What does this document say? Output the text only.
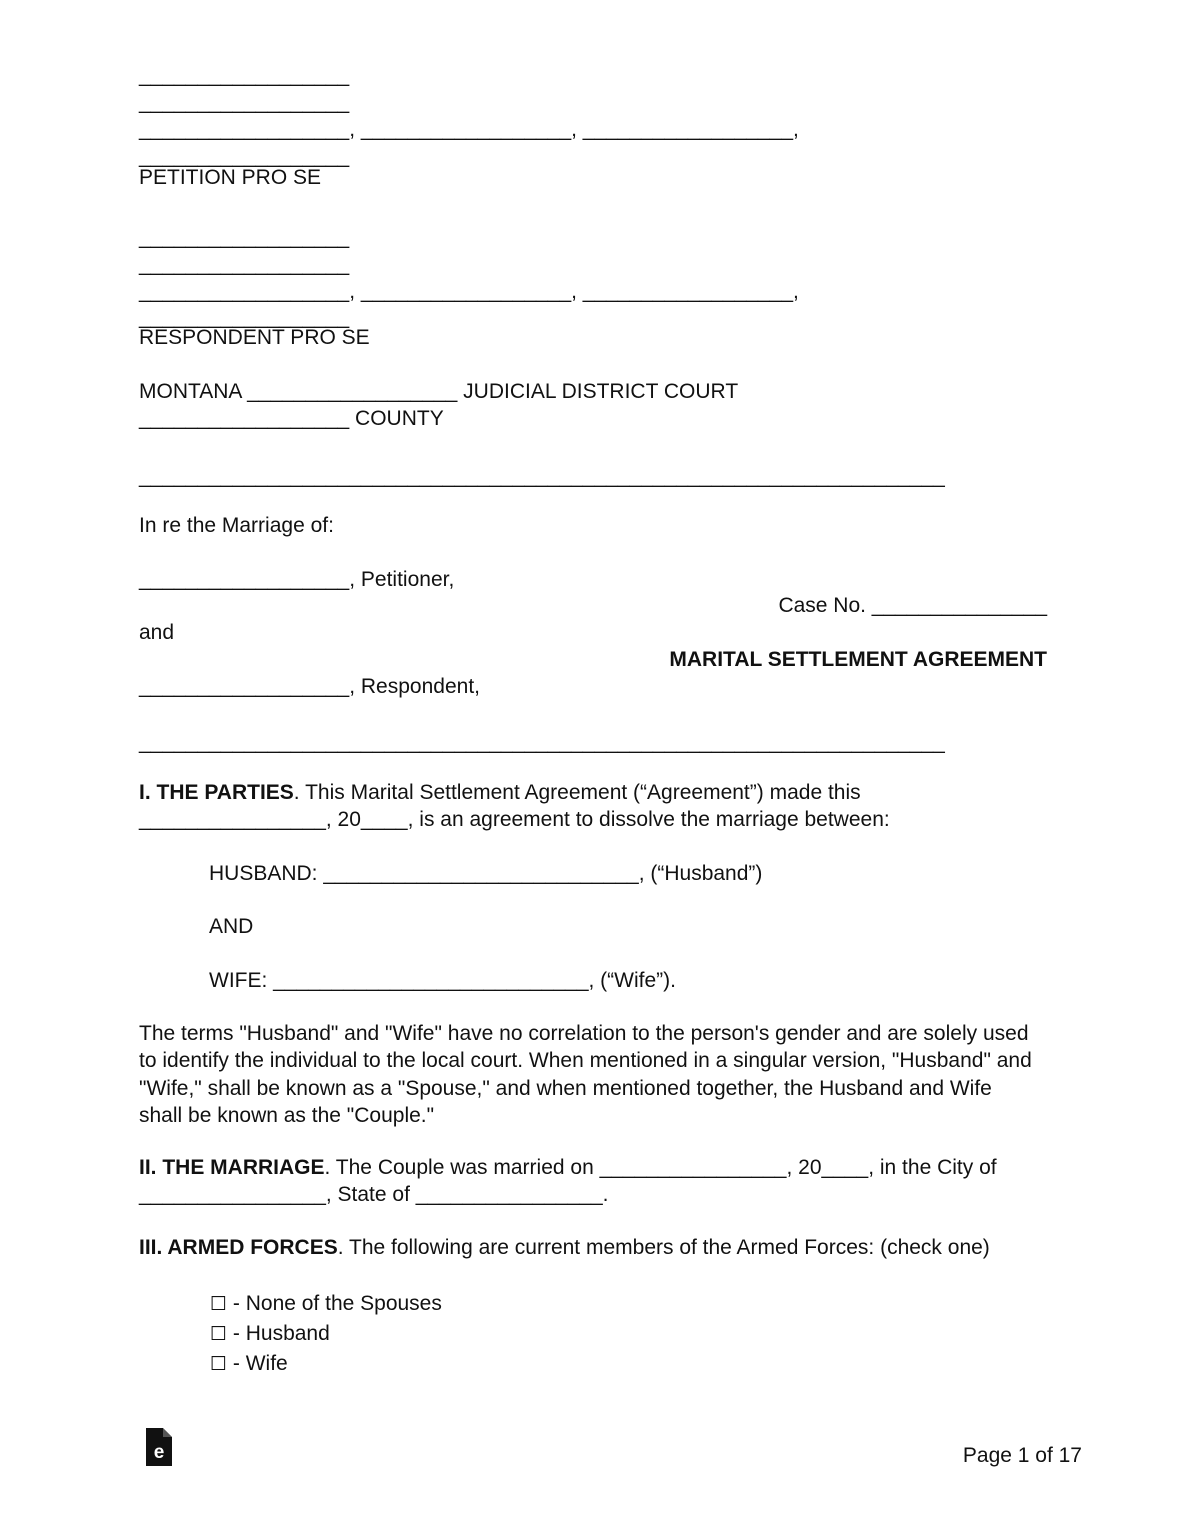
__________________
__________________
__________________, __________________, __________________,
__________________
PETITION PRO SE
__________________
__________________
__________________, __________________, __________________,
__________________
RESPONDENT PRO SE
MONTANA __________________ JUDICIAL DISTRICT COURT
__________________ COUNTY
_____________________________________________________________________
In re the Marriage of:
__________________, Petitioner,
Case No. _______________
and
MARITAL SETTLEMENT AGREEMENT
__________________, Respondent,
_____________________________________________________________________
I. THE PARTIES. This Marital Settlement Agreement (“Agreement”) made this
________________, 20____, is an agreement to dissolve the marriage between:
HUSBAND: ___________________________, (“Husband”)
AND
WIFE: ___________________________, (“Wife”).
The terms "Husband" and "Wife" have no correlation to the person's gender and are solely used to identify the individual to the local court. When mentioned in a singular version, "Husband" and "Wife," shall be known as a "Spouse," and when mentioned together, the Husband and Wife shall be known as the "Couple."
II. THE MARRIAGE. The Couple was married on ________________, 20____, in the City of ________________, State of ________________.
III. ARMED FORCES. The following are current members of the Armed Forces: (check one)
☐ - None of the Spouses
☐ - Husband
☐ - Wife
e	Page 1 of 17
